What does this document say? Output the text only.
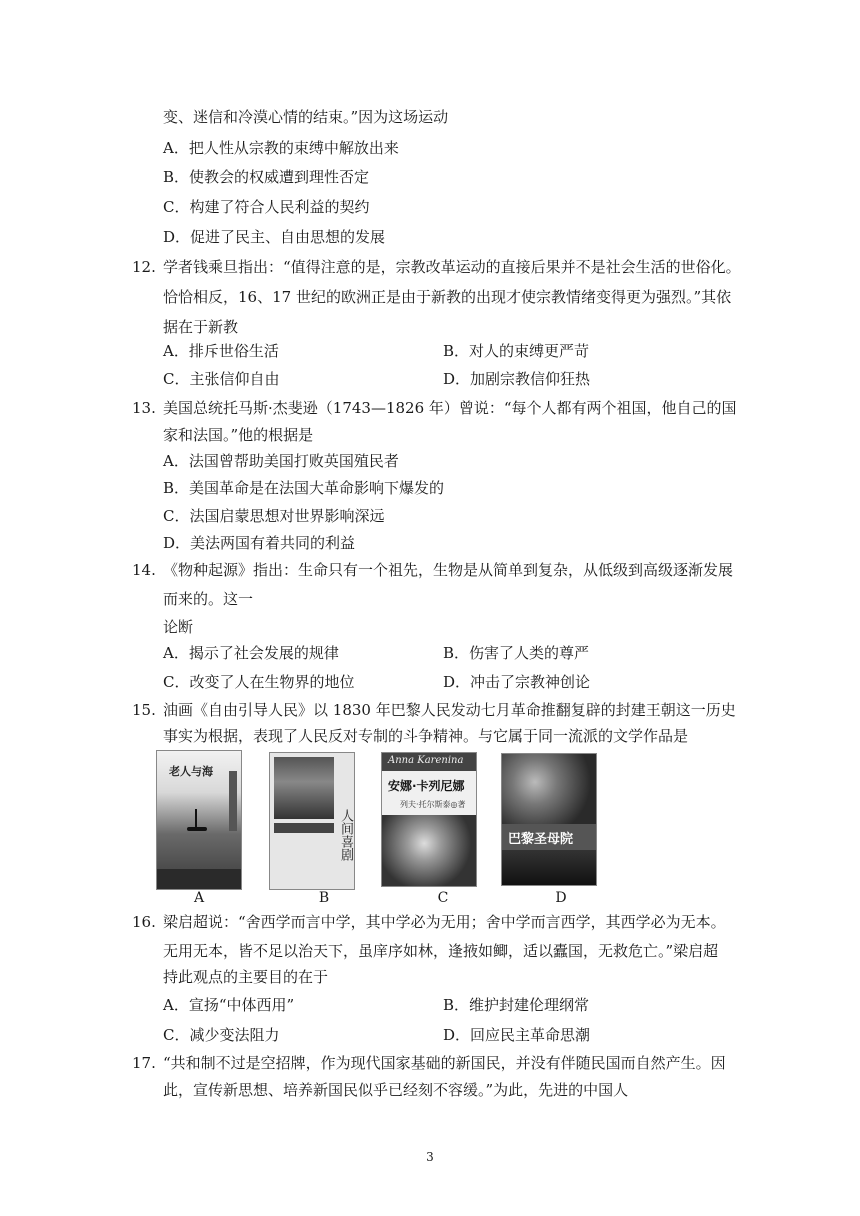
变、迷信和冷漠心情的结束。”因为这场运动
A．把人性从宗教的束缚中解放出来
B．使教会的权威遭到理性否定
C．构建了符合人民利益的契约
D．促进了民主、自由思想的发展
12. 学者钱乘旦指出：“值得注意的是，宗教改革运动的直接后果并不是社会生活的世俗化。
恰恰相反，16、17 世纪的欧洲正是由于新教的出现才使宗教情绪变得更为强烈。”其依
据在于新教
A．排斥世俗生活	B．对人的束缚更严苛
C．主张信仰自由	D．加剧宗教信仰狂热
13. 美国总统托马斯·杰斐逊（1743—1826 年）曾说：“每个人都有两个祖国，他自己的国
家和法国。”他的根据是
A．法国曾帮助美国打败英国殖民者
B．美国革命是在法国大革命影响下爆发的
C．法国启蒙思想对世界影响深远
D．美法两国有着共同的利益
14. 《物种起源》指出：生命只有一个祖先，生物是从简单到复杂，从低级到高级逐渐发展
而来的。这一
论断
A．揭示了社会发展的规律	B．伤害了人类的尊严
C．改变了人在生物界的地位	D．冲击了宗教神创论
15. 油画《自由引导人民》以 1830 年巴黎人民发动七月革命推翻复辟的封建王朝这一历史
事实为根据，表现了人民反对专制的斗争精神。与它属于同一流派的文学作品是
老人与海
A
人间喜剧
B
Anna Karenina
安娜·卡列尼娜
列夫·托尔斯泰◎著
C
巴黎圣母院
D
16. 梁启超说：“舍西学而言中学，其中学必为无用；舍中学而言西学，其西学必为无本。
无用无本，皆不足以治天下，虽庠序如林，逢掖如鲫，适以蠹国，无救危亡。”梁启超
持此观点的主要目的在于
A．宣扬“中体西用”	B．维护封建伦理纲常
C．减少变法阻力	D．回应民主革命思潮
17. “共和制不过是空招牌，作为现代国家基础的新国民，并没有伴随民国而自然产生。因
此，宣传新思想、培养新国民似乎已经刻不容缓。”为此，先进的中国人
3
